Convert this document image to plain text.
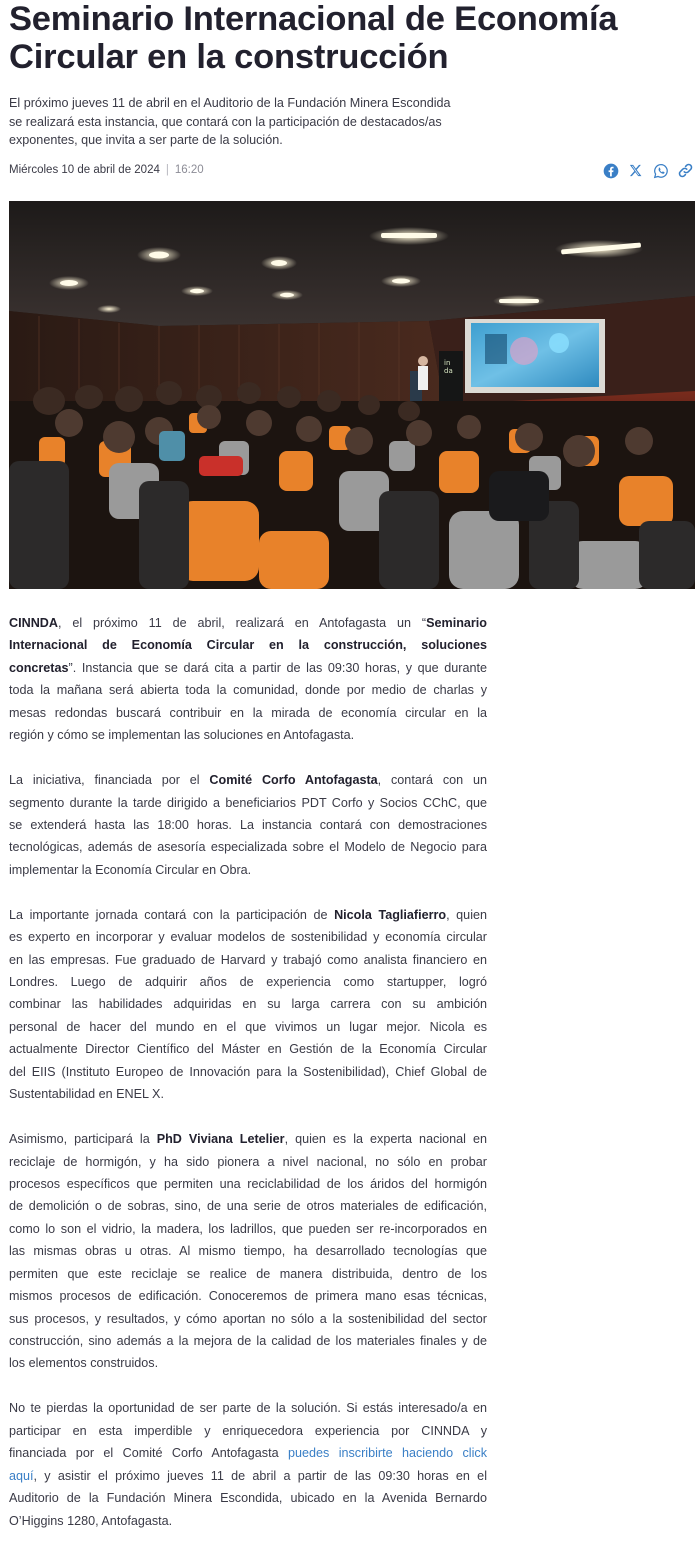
Seminario Internacional de Economía
Circular en la construcción
El próximo jueves 11 de abril en el Auditorio de la Fundación Minera Escondida
se realizará esta instancia, que contará con la participación de destacados/as
exponentes, que invita a ser parte de la solución.
Miércoles 10 de abril de 2024 | 16:20
in
da
CINNDA, el próximo 11 de abril, realizará en Antofagasta un “Seminario
Internacional de Economía Circular en la construcción, soluciones
concretas”. Instancia que se dará cita a partir de las 09:30 horas, y que durante
toda la mañana será abierta toda la comunidad, donde por medio de charlas y
mesas redondas buscará contribuir en la mirada de economía circular en la
región y cómo se implementan las soluciones en Antofagasta.
La iniciativa, financiada por el Comité Corfo Antofagasta, contará con un
segmento durante la tarde dirigido a beneficiarios PDT Corfo y Socios CChC, que
se extenderá hasta las 18:00 horas. La instancia contará con demostraciones
tecnológicas, además de asesoría especializada sobre el Modelo de Negocio para
implementar la Economía Circular en Obra.
La importante jornada contará con la participación de Nicola Tagliafierro, quien
es experto en incorporar y evaluar modelos de sostenibilidad y economía circular
en las empresas. Fue graduado de Harvard y trabajó como analista financiero en
Londres. Luego de adquirir años de experiencia como startupper, logró
combinar las habilidades adquiridas en su larga carrera con su ambición
personal de hacer del mundo en el que vivimos un lugar mejor. Nicola es
actualmente Director Científico del Máster en Gestión de la Economía Circular
del EIIS (Instituto Europeo de Innovación para la Sostenibilidad), Chief Global de
Sustentabilidad en ENEL X.
Asimismo, participará la PhD Viviana Letelier, quien es la experta nacional en
reciclaje de hormigón, y ha sido pionera a nivel nacional, no sólo en probar
procesos específicos que permiten una reciclabilidad de los áridos del hormigón
de demolición o de sobras, sino, de una serie de otros materiales de edificación,
como lo son el vidrio, la madera, los ladrillos, que pueden ser re-incorporados en
las mismas obras u otras. Al mismo tiempo, ha desarrollado tecnologías que
permiten que este reciclaje se realice de manera distribuida, dentro de los
mismos procesos de edificación. Conoceremos de primera mano esas técnicas,
sus procesos, y resultados, y cómo aportan no sólo a la sostenibilidad del sector
construcción, sino además a la mejora de la calidad de los materiales finales y de
los elementos construidos.
No te pierdas la oportunidad de ser parte de la solución. Si estás interesado/a en
participar en esta imperdible y enriquecedora experiencia por CINNDA y
financiada por el Comité Corfo Antofagasta puedes inscribirte haciendo click
aquí, y asistir el próximo jueves 11 de abril a partir de las 09:30 horas en el
Auditorio de la Fundación Minera Escondida, ubicado en la Avenida Bernardo
O’Higgins 1280, Antofagasta.
